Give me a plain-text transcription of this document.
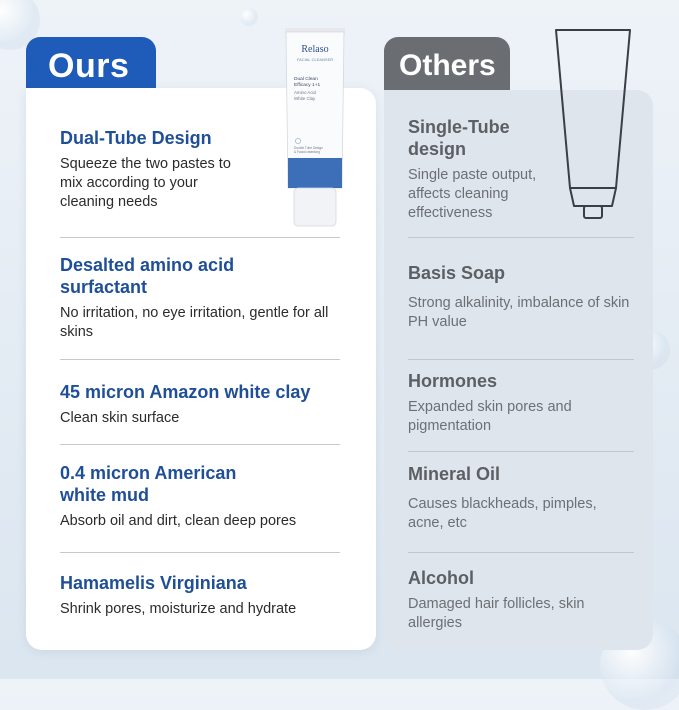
Ours	Relaso
FACIAL CLEANSER
Dual Clean
Efficacy 1+1
Amino Acid
White Clay
Double Tube Design
& Facial cleansing
Dual-Tube Design
Squeeze the two pastes to mix according to your cleaning needs
Desalted amino acid surfactant
No irritation, no eye irritation, gentle for all skins
45 micron Amazon white clay
Clean skin surface
0.4 micron American white mud
Absorb oil and dirt, clean deep pores
Hamamelis Virginiana
Shrink pores, moisturize and hydrate
Others
Single-Tube design
Single paste output, affects cleaning effectiveness
Basis Soap
Strong alkalinity, imbalance of skin PH value
Hormones
Expanded skin pores and pigmentation
Mineral Oil
Causes blackheads, pimples, acne, etc
Alcohol
Damaged hair follicles, skin allergies
